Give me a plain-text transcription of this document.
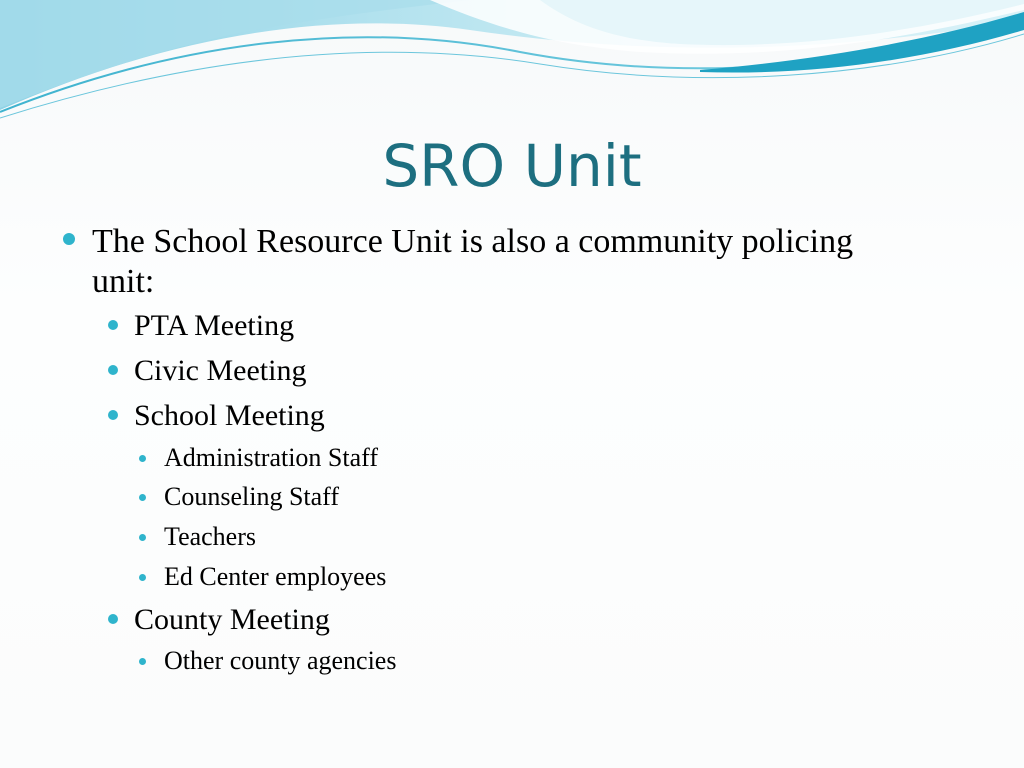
SRO Unit
The School Resource Unit is also a community policing
unit:
PTA Meeting
Civic Meeting
School Meeting
Administration Staff
Counseling Staff
Teachers
Ed Center employees
County Meeting
Other county agencies
